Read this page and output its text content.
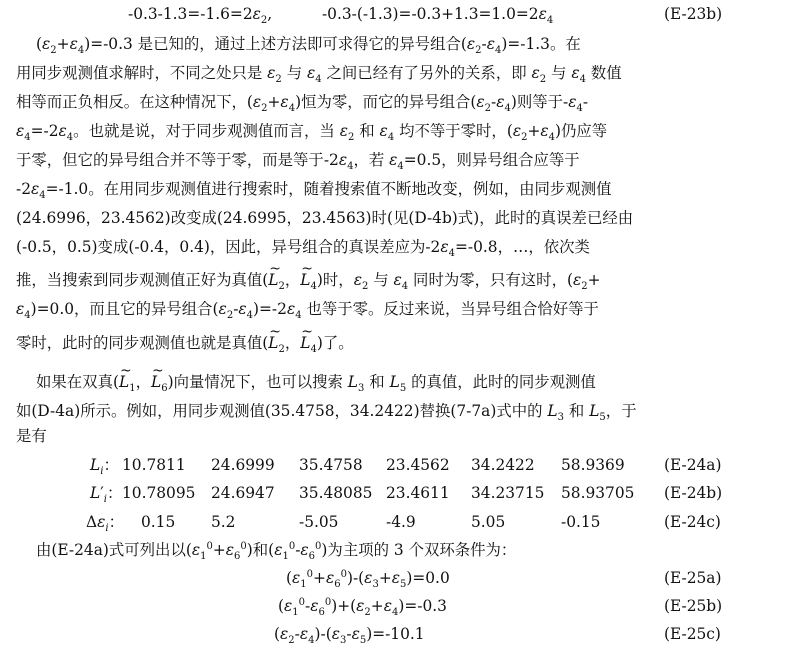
$-0.3-1.3=-1.6=2\varepsilon_2$,	$-0.3-(-1.3)=-0.3+1.3=1.0=2\varepsilon_4$	(E-23b)
$(\varepsilon_2+\varepsilon_4)=-0.3$ 是已知的，通过上述方法即可求得它的异号组合$(\varepsilon_2-\varepsilon_4)=-1.3$。在
用同步观测值求解时，不同之处只是 $\varepsilon_2$ 与 $\varepsilon_4$ 之间已经有了另外的关系，即 $\varepsilon_2$ 与 $\varepsilon_4$ 数值
相等而正负相反。在这种情况下，$(\varepsilon_2+\varepsilon_4)$恒为零，而它的异号组合$(\varepsilon_2-\varepsilon_4)$则等于$-\varepsilon_4-$
$\varepsilon_4=-2\varepsilon_4$。也就是说，对于同步观测值而言，当 $\varepsilon_2$ 和 $\varepsilon_4$ 均不等于零时，$(\varepsilon_2+\varepsilon_4)$仍应等
于零，但它的异号组合并不等于零，而是等于$-2\varepsilon_4$，若 $\varepsilon_4=0.5$，则异号组合应等于
$-2\varepsilon_4=-1.0$。在用同步观测值进行搜索时，随着搜索值不断地改变，例如，由同步观测值
(24.6996，23.4562)改变成(24.6995，23.4563)时(见(D-4b)式)，此时的真误差已经由
(-0.5，0.5)变成(-0.4，0.4)，因此，异号组合的真误差应为$-2\varepsilon_4=-0.8$，…，依次类
推，当搜索到同步观测值正好为真值(~ $L_2$，~ $L_4$)时，$\varepsilon_2$ 与 $\varepsilon_4$ 同时为零，只有这时，($\varepsilon_2+$
$\varepsilon_4)=0.0$，而且它的异号组合$(\varepsilon_2-\varepsilon_4)=-2\varepsilon_4$ 也等于零。反过来说，当异号组合恰好等于
零时，此时的同步观测值也就是真值(~ $L_2$，~ $L_4$)了。
如果在双真(~ $L_1$，~ $L_6$)向量情况下，也可以搜索 $L_3$ 和 $L_5$ 的真值，此时的同步观测值
如(D-4a)所示。例如，用同步观测值(35.4758，34.2422)替换(7-7a)式中的 $L_3$ 和 $L_5$，于
是有
$L_i$： 10.7811 24.6999 35.4758 23.4562 34.2422 58.9369	(E-24a)
$L'_i$： 10.78095 24.6947 35.48085 23.4611 34.23715 58.93705 (E-24b)
$\Delta\varepsilon_i$： 0.15 5.2	-5.05	-4.9	5.05	-0.15	(E-24c)
由(E-24a)式可列出以$(\varepsilon_1^0+\varepsilon_6^0)$和$(\varepsilon_1^0-\varepsilon_6^0)$为主项的 3 个双环条件为：
$(\varepsilon_1^0+\varepsilon_6^0)-(\varepsilon_3+\varepsilon_5)=0.0$	(E-25a)
$(\varepsilon_1^0-\varepsilon_6^0)+(\varepsilon_2+\varepsilon_4)=-0.3$	(E-25b)
$(\varepsilon_2-\varepsilon_4)-(\varepsilon_3-\varepsilon_5)=-10.1$	(E-25c)
